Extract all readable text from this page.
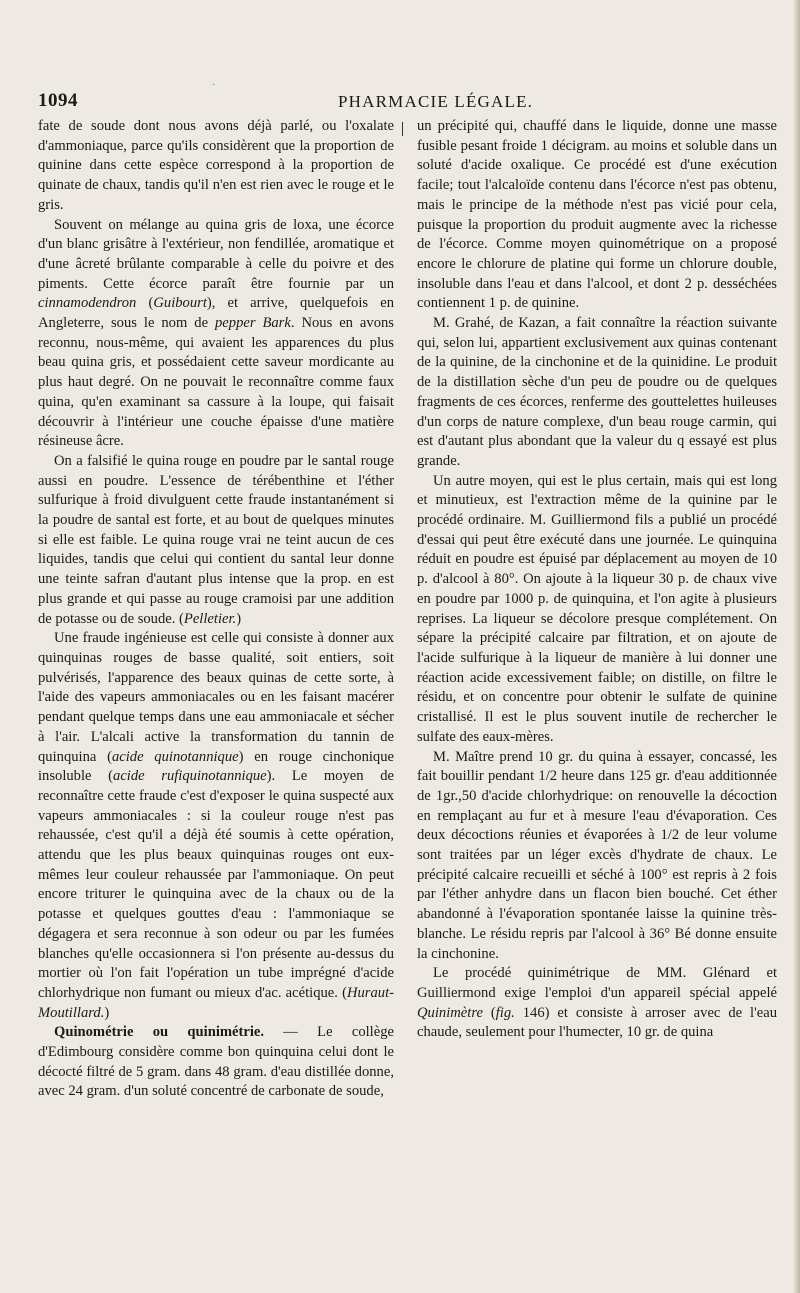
·
1094	PHARMACIE LÉGALE.

fate de soude dont nous avons déjà parlé, ou l'oxalate d'ammoniaque, parce qu'ils considèrent que la proportion de quinine dans cette espèce correspond à la proportion de quinate de chaux, tandis qu'il n'en est rien avec le rouge et le gris.

Souvent on mélange au quina gris de loxa, une écorce d'un blanc grisâtre à l'extérieur, non fendillée, aromatique et d'une âcreté brûlante comparable à celle du poivre et des piments. Cette écorce paraît être fournie par un cinnamodendron (Guibourt), et arrive, quelquefois en Angleterre, sous le nom de pepper Bark. Nous en avons reconnu, nous-même, qui avaient les apparences du plus beau quina gris, et possédaient cette saveur mordicante au plus haut degré. On ne pouvait le reconnaître comme faux quina, qu'en examinant sa cassure à la loupe, qui faisait découvrir à l'intérieur une couche épaisse d'une matière résineuse âcre.

On a falsifié le quina rouge en poudre par le santal rouge aussi en poudre. L'essence de térébenthine et l'éther sulfurique à froid divulguent cette fraude instantanément si la poudre de santal est forte, et au bout de quelques minutes si elle est faible. Le quina rouge vrai ne teint aucun de ces liquides, tandis que celui qui contient du santal leur donne une teinte safran d'autant plus intense que la prop. en est plus grande et qui passe au rouge cramoisi par une addition de potasse ou de soude. (Pelletier.)

Une fraude ingénieuse est celle qui consiste à donner aux quinquinas rouges de basse qualité, soit entiers, soit pulvérisés, l'apparence des beaux quinas de cette sorte, à l'aide des vapeurs ammoniacales ou en les faisant macérer pendant quelque temps dans une eau ammoniacale et sécher à l'air. L'alcali active la transformation du tannin de quinquina (acide quinotannique) en rouge cinchonique insoluble (acide rufiquinotannique). Le moyen de reconnaître cette fraude c'est d'exposer le quina suspecté aux vapeurs ammoniacales : si la couleur rouge n'est pas rehaussée, c'est qu'il a déjà été soumis à cette opération, attendu que les plus beaux quinquinas rouges ont eux-mêmes leur couleur rehaussée par l'ammoniaque. On peut encore triturer le quinquina avec de la chaux ou de la potasse et quelques gouttes d'eau : l'ammoniaque se dégagera et sera reconnue à son odeur ou par les fumées blanches qu'elle occasionnera si l'on présente au-dessus du mortier où l'on fait l'opération un tube imprégné d'acide chlorhydrique non fumant ou mieux d'ac. acétique. (Huraut-Moutillard.)

Quinométrie ou quinimétrie. — Le collège d'Edimbourg considère comme bon quinquina celui dont le décocté filtré de 5 gram. dans 48 gram. d'eau distillée donne, avec 24 gram. d'un soluté concentré de carbonate de soude,

un précipité qui, chauffé dans le liquide, donne une masse fusible pesant froide 1 décigram. au moins et soluble dans un soluté d'acide oxalique. Ce procédé est d'une exécution facile; tout l'alcaloïde contenu dans l'écorce n'est pas obtenu, mais le principe de la méthode n'est pas vicié pour cela, puisque la proportion du produit augmente avec la richesse de l'écorce. Comme moyen quinométrique on a proposé encore le chlorure de platine qui forme un chlorure double, insoluble dans l'eau et dans l'alcool, et dont 2 p. desséchées contiennent 1 p. de quinine.

M. Grahé, de Kazan, a fait connaître la réaction suivante qui, selon lui, appartient exclusivement aux quinas contenant de la quinine, de la cinchonine et de la quinidine. Le produit de la distillation sèche d'un peu de poudre ou de quelques fragments de ces écorces, renferme des gouttelettes huileuses d'un corps de nature complexe, d'un beau rouge carmin, qui est d'autant plus abondant que la valeur du q essayé est plus grande.

Un autre moyen, qui est le plus certain, mais qui est long et minutieux, est l'extraction même de la quinine par le procédé ordinaire. M. Guilliermond fils a publié un procédé d'essai qui peut être exécuté dans une journée. Le quinquina réduit en poudre est épuisé par déplacement au moyen de 10 p. d'alcool à 80°. On ajoute à la liqueur 30 p. de chaux vive en poudre par 1000 p. de quinquina, et l'on agite à plusieurs reprises. La liqueur se décolore presque complétement. On sépare la précipité calcaire par filtration, et on ajoute de l'acide sulfurique à la liqueur de manière à lui donner une réaction acide excessivement faible; on distille, on filtre le résidu, et on concentre pour obtenir le sulfate de quinine cristallisé. Il est le plus souvent inutile de rechercher le sulfate des eaux-mères.

M. Maître prend 10 gr. du quina à essayer, concassé, les fait bouillir pendant 1/2 heure dans 125 gr. d'eau additionnée de 1gr.,50 d'acide chlorhydrique: on renouvelle la décoction en remplaçant au fur et à mesure l'eau d'évaporation. Ces deux décoctions réunies et évaporées à 1/2 de leur volume sont traitées par un léger excès d'hydrate de chaux. Le précipité calcaire recueilli et séché à 100° est repris à 2 fois par l'éther anhydre dans un flacon bien bouché. Cet éther abandonné à l'évaporation spontanée laisse la quinine très-blanche. Le résidu repris par l'alcool à 36° Bé donne ensuite la cinchonine.

Le procédé quinimétrique de MM. Glénard et Guilliermond exige l'emploi d'un appareil spécial appelé Quinimètre (fig. 146) et consiste à arroser avec de l'eau chaude, seulement pour l'humecter, 10 gr. de quina
